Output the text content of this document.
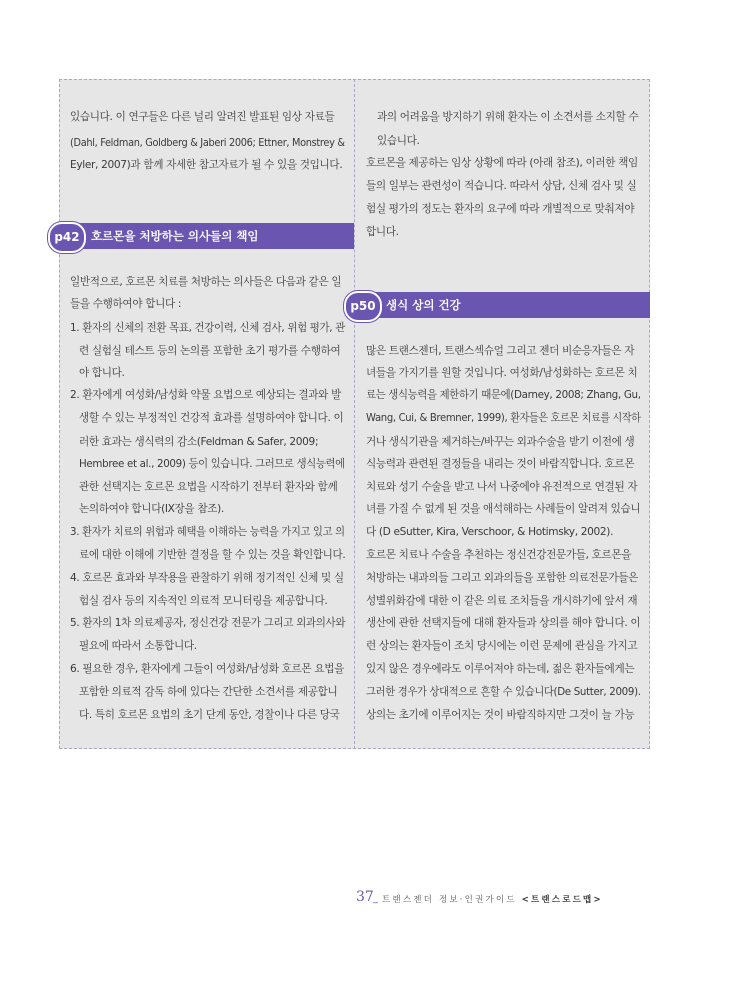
있습니다. 이 연구들은 다른 널리 알려진 발표된 임상 자료들
(Dahl, Feldman, Goldberg & Jaberi 2006; Ettner, Monstrey &
Eyler, 2007)과 함께 자세한 참고자료가 될 수 있을 것입니다.
p42 호르몬을 처방하는 의사들의 책임
일반적으로, 호르몬 치료를 처방하는 의사들은 다음과 같은 일
들을 수행하여야 합니다 :
1. 환자의 신체의 전환 목표, 건강이력, 신체 검사, 위험 평가, 관
련 실험실 테스트 등의 논의를 포함한 초기 평가를 수행하여
야 합니다.
2. 환자에게 여성화/남성화 약물 요법으로 예상되는 결과와 발
생할 수 있는 부정적인 건강적 효과를 설명하여야 합니다. 이
러한 효과는 생식력의 감소(Feldman & Safer, 2009;
Hembree et al., 2009) 등이 있습니다. 그러므로 생식능력에
관한 선택지는 호르몬 요법을 시작하기 전부터 환자와 함께
논의하여야 합니다(IX장을 참조).
3. 환자가 치료의 위험과 혜택을 이해하는 능력을 가지고 있고 의
료에 대한 이해에 기반한 결정을 할 수 있는 것을 확인합니다.
4. 호르몬 효과와 부작용을 관찰하기 위해 정기적인 신체 및 실
험실 검사 등의 지속적인 의료적 모니터링을 제공합니다.
5. 환자의 1차 의료제공자, 정신건강 전문가 그리고 외과의사와
필요에 따라서 소통합니다.
6. 필요한 경우, 환자에게 그들이 여성화/남성화 호르몬 요법을
포함한 의료적 감독 하에 있다는 간단한 소견서를 제공합니
다. 특히 호르몬 요법의 초기 단계 동안, 경찰이나 다른 당국
과의 어려움을 방지하기 위해 환자는 이 소견서를 소지할 수
있습니다.
호르몬을 제공하는 임상 상황에 따라 (아래 참조), 이러한 책임
들의 일부는 관련성이 적습니다. 따라서 상담, 신체 검사 및 실
험실 평가의 정도는 환자의 요구에 따라 개별적으로 맞춰져야
합니다.
p50 생식 상의 건강
많은 트랜스젠더, 트랜스섹슈얼 그리고 젠더 비순응자들은 자
녀들을 가지기를 원할 것입니다. 여성화/남성화하는 호르몬 치
료는 생식능력을 제한하기 때문에(Darney, 2008; Zhang, Gu,
Wang, Cui, & Bremner, 1999), 환자들은 호르몬 치료를 시작하
거나 생식기관을 제거하는/바꾸는 외과수술을 받기 이전에 생
식능력과 관련된 결정들을 내리는 것이 바람직합니다. 호르몬
치료와 성기 수술을 받고 나서 나중에야 유전적으로 연결된 자
녀를 가질 수 없게 된 것을 애석해하는 사례들이 알려져 있습니
다 (D eSutter, Kira, Verschoor, & Hotimsky, 2002).
호르몬 치료나 수술을 추천하는 정신건강전문가들, 호르몬을
처방하는 내과의들 그리고 외과의들을 포함한 의료전문가들은
성별위화감에 대한 이 같은 의료 조치들을 개시하기에 앞서 재
생산에 관한 선택지들에 대해 환자들과 상의를 해야 합니다. 이
런 상의는 환자들이 조치 당시에는 이런 문제에 관심을 가지고
있지 않은 경우에라도 이루어져야 하는데, 젊은 환자들에게는
그러한 경우가 상대적으로 흔할 수 있습니다(De Sutter, 2009).
상의는 초기에 이루어지는 것이 바람직하지만 그것이 늘 가능
37 _ 트랜스젠더 정보·인권가이드 <트랜스로드맵>
